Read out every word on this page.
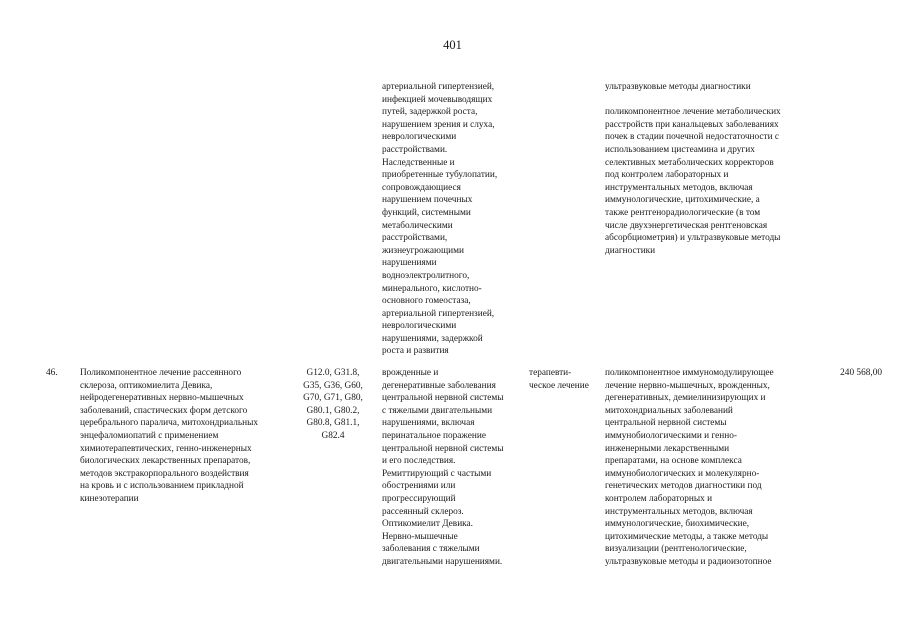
401
артериальной гипертензией,
инфекцией мочевыводящих
путей, задержкой роста,
нарушением зрения и слуха,
неврологическими
расстройствами.
Наследственные и
приобретенные тубулопатии,
сопровождающиеся
нарушением почечных
функций, системными
метаболическими
расстройствами,
жизнеугрожающими
нарушениями
водноэлектролитного,
минерального, кислотно-
основного гомеостаза,
артериальной гипертензией,
неврологическими
нарушениями, задержкой
роста и развития
ультразвуковые методы диагностики
поликомпонентное лечение метаболических
расстройств при канальцевых заболеваниях
почек в стадии почечной недостаточности с
использованием цистеамина и других
селективных метаболических корректоров
под контролем лабораторных и
инструментальных методов, включая
иммунологические, цитохимические, а
также рентгенорадиологические (в том
числе двухэнергетическая рентгеновская
абсорбциометрия) и ультразвуковые методы
диагностики
46.	Поликомпонентное лечение рассеянного
склероза, оптикомиелита Девика,
нейродегенеративных нервно-мышечных
заболеваний, спастических форм детского
церебрального паралича, митохондриальных
энцефаломиопатий с применением
химиотерапевтических, генно-инженерных
биологических лекарственных препаратов,
методов экстракорпорального воздействия
на кровь и с использованием прикладной
кинезотерапии
G12.0, G31.8,
G35, G36, G60,
G70, G71, G80,
G80.1, G80.2,
G80.8, G81.1,
G82.4
врожденные и
дегенеративные заболевания
центральной нервной системы
с тяжелыми двигательными
нарушениями, включая
перинатальное поражение
центральной нервной системы
и его последствия.
Ремиттирующий с частыми
обострениями или
прогрессирующий
рассеянный склероз.
Оптикомиелит Девика.
Нервно-мышечные
заболевания с тяжелыми
двигательными нарушениями.
терапевти-
ческое лечение
поликомпонентное иммуномодулирующее
лечение нервно-мышечных, врожденных,
дегенеративных, демиелинизирующих и
митохондриальных заболеваний
центральной нервной системы
иммунобиологическими и генно-
инженерными лекарственными
препаратами, на основе комплекса
иммунобиологических и молекулярно-
генетических методов диагностики под
контролем лабораторных и
инструментальных методов, включая
иммунологические, биохимические,
цитохимические методы, а также методы
визуализации (рентгенологические,
ультразвуковые методы и радиоизотопное
240 568,00
